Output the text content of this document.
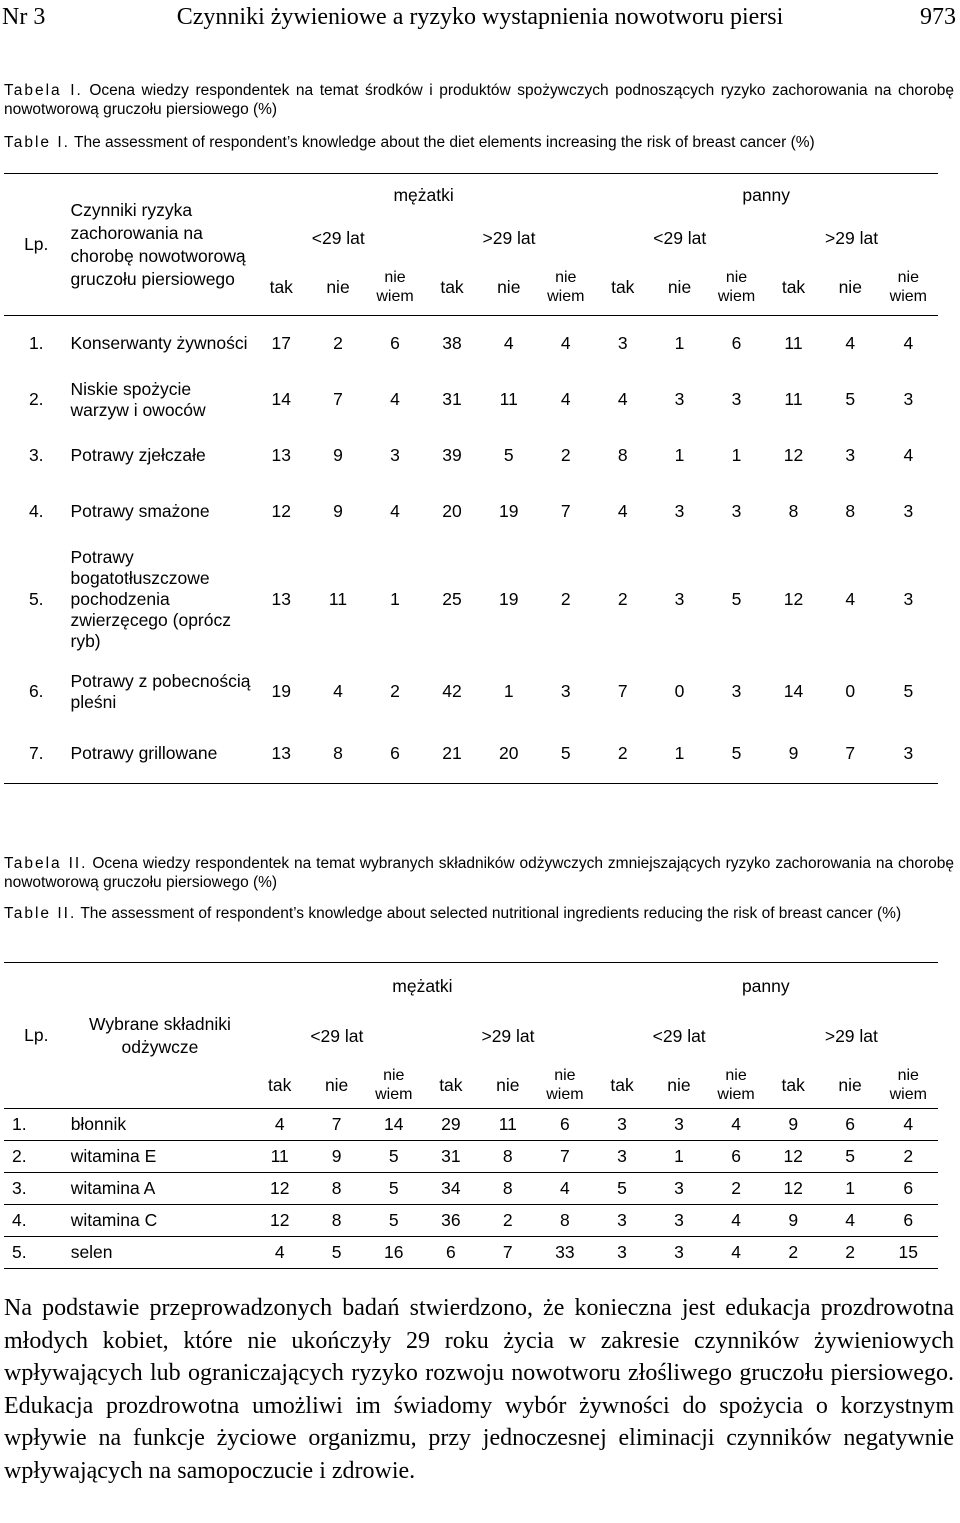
Nr 3	Czynniki żywieniowe a ryzyko wystapnienia nowotworu piersi	973
Tabela I. Ocena wiedzy respondentek na temat środków i produktów spożywczych podnoszących ryzyko zachorowania na chorobę nowotworową gruczołu piersiowego (%)
Table I. The assessment of respondent’s knowledge about the diet elements increasing the risk of breast cancer (%)
Lp.	Czynniki ryzyka zachorowania na chorobę nowotworową gruczołu piersiowego	mężatki						panny					
		<29 lat			>29 lat			<29 lat			>29 lat		
		tak	nie	nie wiem	tak	nie	nie wiem	tak	nie	nie wiem	tak	nie	nie wiem
1.	Konserwanty żywności	17	2	6	38	4	4	3	1	6	11	4	4
2.	Niskie spożycie warzyw i owoców	14	7	4	31	11	4	4	3	3	11	5	3
3.	Potrawy zjełczałe	13	9	3	39	5	2	8	1	1	12	3	4
4.	Potrawy smażone	12	9	4	20	19	7	4	3	3	8	8	3
5.	Potrawy bogatotłuszczowe pochodzenia zwierzęcego (oprócz ryb)	13	11	1	25	19	2	2	3	5	12	4	3
6.	Potrawy z pobecnością pleśni	19	4	2	42	1	3	7	0	3	14	0	5
7.	Potrawy grillowane	13	8	6	21	20	5	2	1	5	9	7	3
Tabela II. Ocena wiedzy respondentek na temat wybranych składników odżywczych zmniejszających ryzyko zachorowania na chorobę nowotworową gruczołu piersiowego (%)
Table II. The assessment of respondent’s knowledge about selected nutritional ingredients reducing the risk of breast cancer (%)
Lp.	Wybrane składniki odżywcze	mężatki						panny					
		<29 lat			>29 lat			<29 lat			>29 lat		
		tak	nie	nie wiem	tak	nie	nie wiem	tak	nie	nie wiem	tak	nie	nie wiem
1.	błonnik	4	7	14	29	11	6	3	3	4	9	6	4
2.	witamina E	11	9	5	31	8	7	3	1	6	12	5	2
3.	witamina A	12	8	5	34	8	4	5	3	2	12	1	6
4.	witamina C	12	8	5	36	2	8	3	3	4	9	4	6
5.	selen	4	5	16	6	7	33	3	3	4	2	2	15
Na podstawie przeprowadzonych badań stwierdzono, że konieczna jest edukacja prozdrowotna młodych kobiet, które nie ukończyły 29 roku życia w zakresie czynników żywieniowych wpływających lub ograniczających ryzyko rozwoju nowotworu złośliwego gruczołu piersiowego. Edukacja prozdrowotna umożliwi im świadomy wybór żywności do spożycia o korzystnym wpływie na funkcje życiowe organizmu, przy jednoczesnej eliminacji czynników negatywnie wpływających na samopoczucie i zdrowie.
